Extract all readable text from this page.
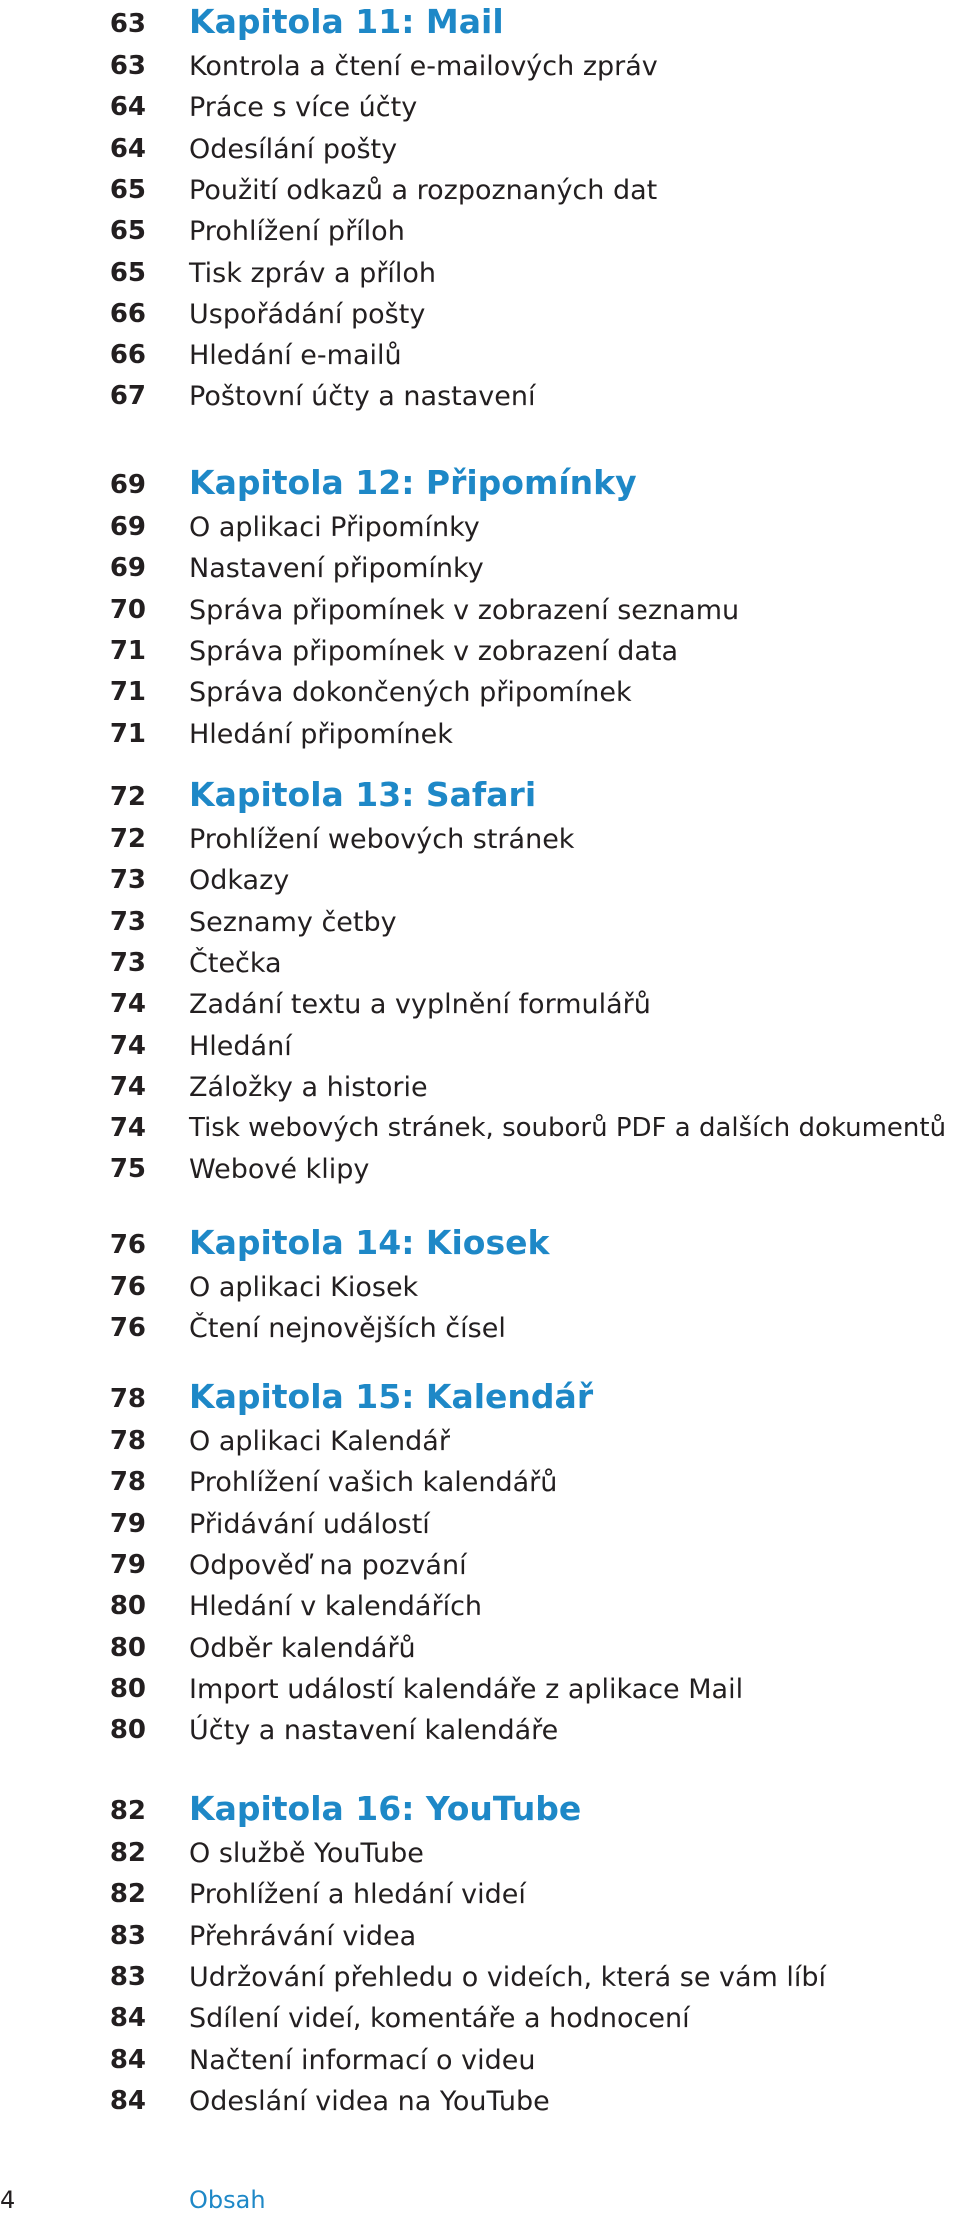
63 Kapitola 11: Mail
63 Kontrola a čtení e-mailových zpráv
64 Práce s více účty
64 Odesílání pošty
65 Použití odkazů a rozpoznaných dat
65 Prohlížení příloh
65 Tisk zpráv a příloh
66 Uspořádání pošty
66 Hledání e-mailů
67 Poštovní účty a nastavení
69 Kapitola 12: Připomínky
69 O aplikaci Připomínky
69 Nastavení připomínky
70 Správa připomínek v zobrazení seznamu
71 Správa připomínek v zobrazení data
71 Správa dokončených připomínek
71 Hledání připomínek
72 Kapitola 13: Safari
72 Prohlížení webových stránek
73 Odkazy
73 Seznamy četby
73 Čtečka
74 Zadání textu a vyplnění formulářů
74 Hledání
74 Záložky a historie
74 Tisk webových stránek, souborů PDF a dalších dokumentů
75 Webové klipy
76 Kapitola 14: Kiosek
76 O aplikaci Kiosek
76 Čtení nejnovějších čísel
78 Kapitola 15: Kalendář
78 O aplikaci Kalendář
78 Prohlížení vašich kalendářů
79 Přidávání událostí
79 Odpověď na pozvání
80 Hledání v kalendářích
80 Odběr kalendářů
80 Import událostí kalendáře z aplikace Mail
80 Účty a nastavení kalendáře
82 Kapitola 16: YouTube
82 O službě YouTube
82 Prohlížení a hledání videí
83 Přehrávání videa
83 Udržování přehledu o videích, která se vám líbí
84 Sdílení videí, komentáře a hodnocení
84 Načtení informací o videu
84 Odeslání videa na YouTube
4	Obsah
